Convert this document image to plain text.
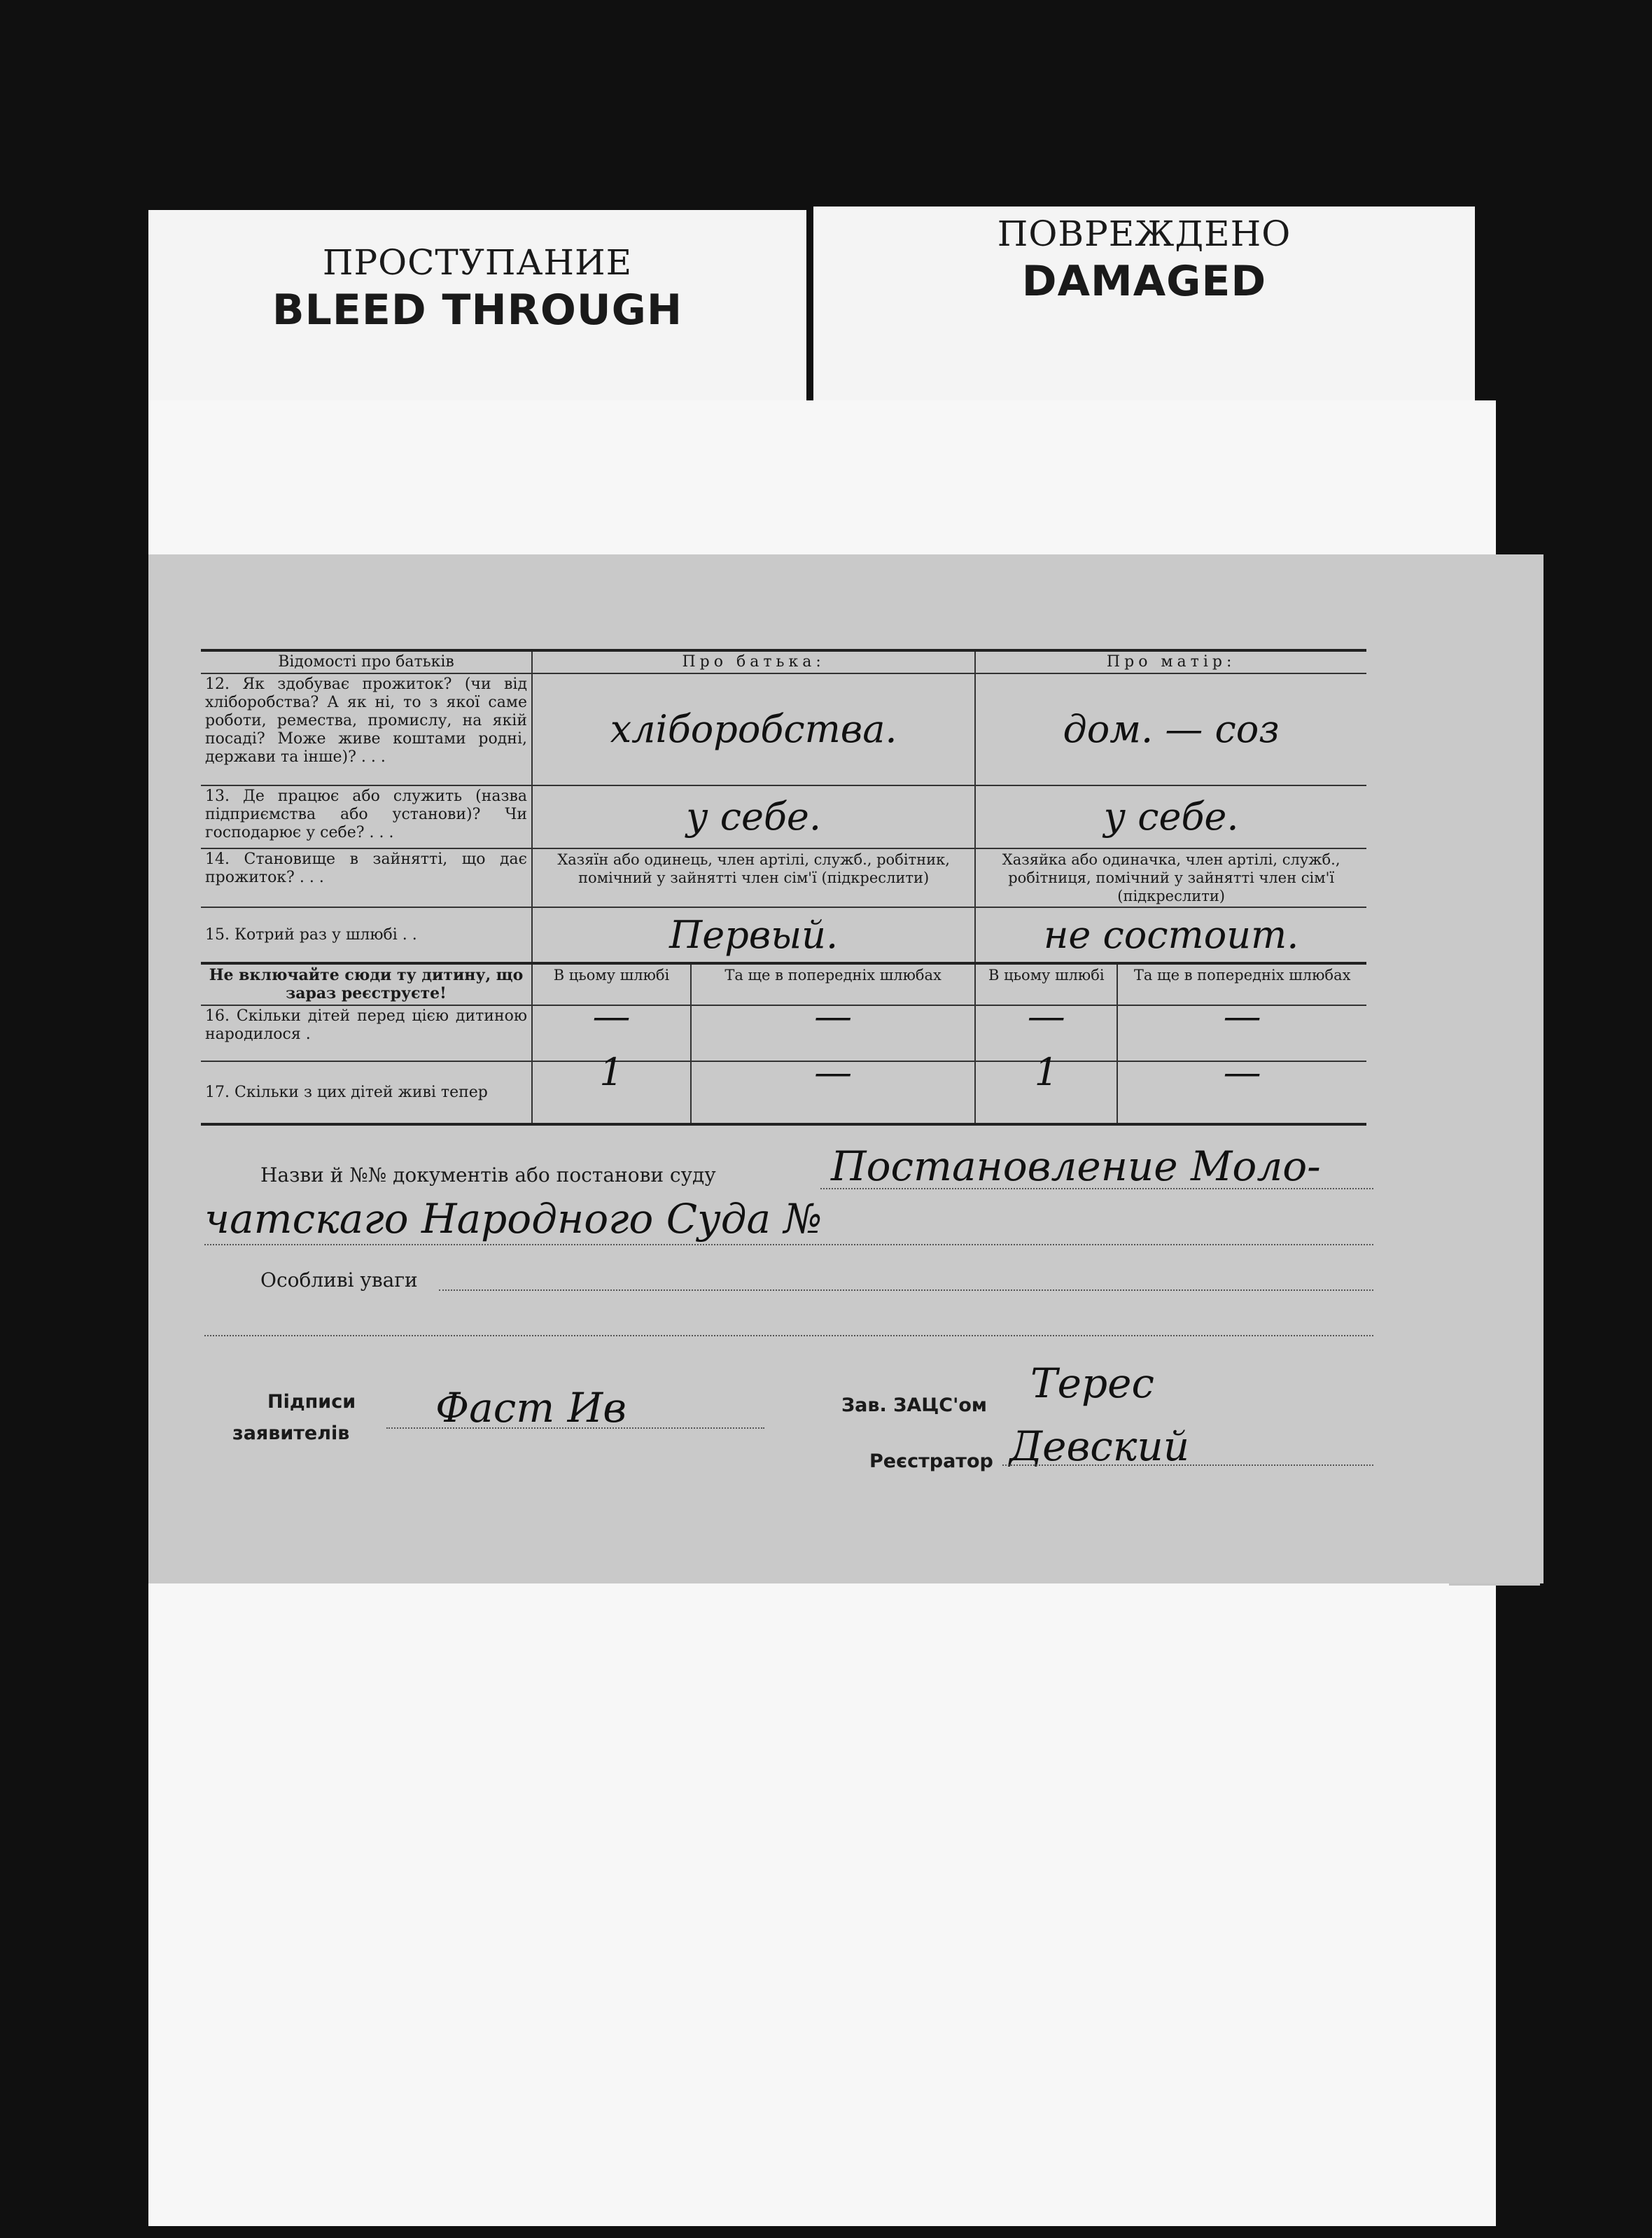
ПРОСТУПАНИЕ
BLEED THROUGH
ПОВРЕЖДЕНО
DAMAGED
Відомості про батьків	Про батька:		Про матір:	
12. Як здобуває прожиток? (чи від хліборобства? А як ні, то з якої саме роботи, ремества, промислу, на якій посаді? Може живе коштами родні, держави та інше)? . . .	хліборобства.		дом. — coз	
13. Де працює або служить (назва підприємства або установи)? Чи господарює у себе? . . .	у себе.		у себе.	
14. Становище в зайнятті, що дає прожиток? . . .	Хазяїн або одинець, член артілі, служб., робітник, помічний у зайнятті член сім'ї (підкреслити)		Хазяйка або одиначка, член артілі, служб., робітниця, помічний у зайнятті член сім'ї (підкреслити)	
15. Котрий раз у шлюбі . .	Первый.		не состоит.	
Не включайте сюди ту дитину, що зараз реєструєте!	В цьому шлюбі	Та ще в попередніх шлюбах	В цьому шлюбі	Та ще в попередніх шлюбах
16. Скільки дітей перед цією дитиною народилося .	—	—	—	—
17. Скільки з цих дітей живі тепер	1	—	1	—
Назви й №№ документів або постанови суду	Постановление Моло-
чатскаго Народного Суда №
Особливі уваги
Підписи
заявителів
Фаст Ив	Зав. ЗАЦС'ом Терес
Реєстратор Девский
